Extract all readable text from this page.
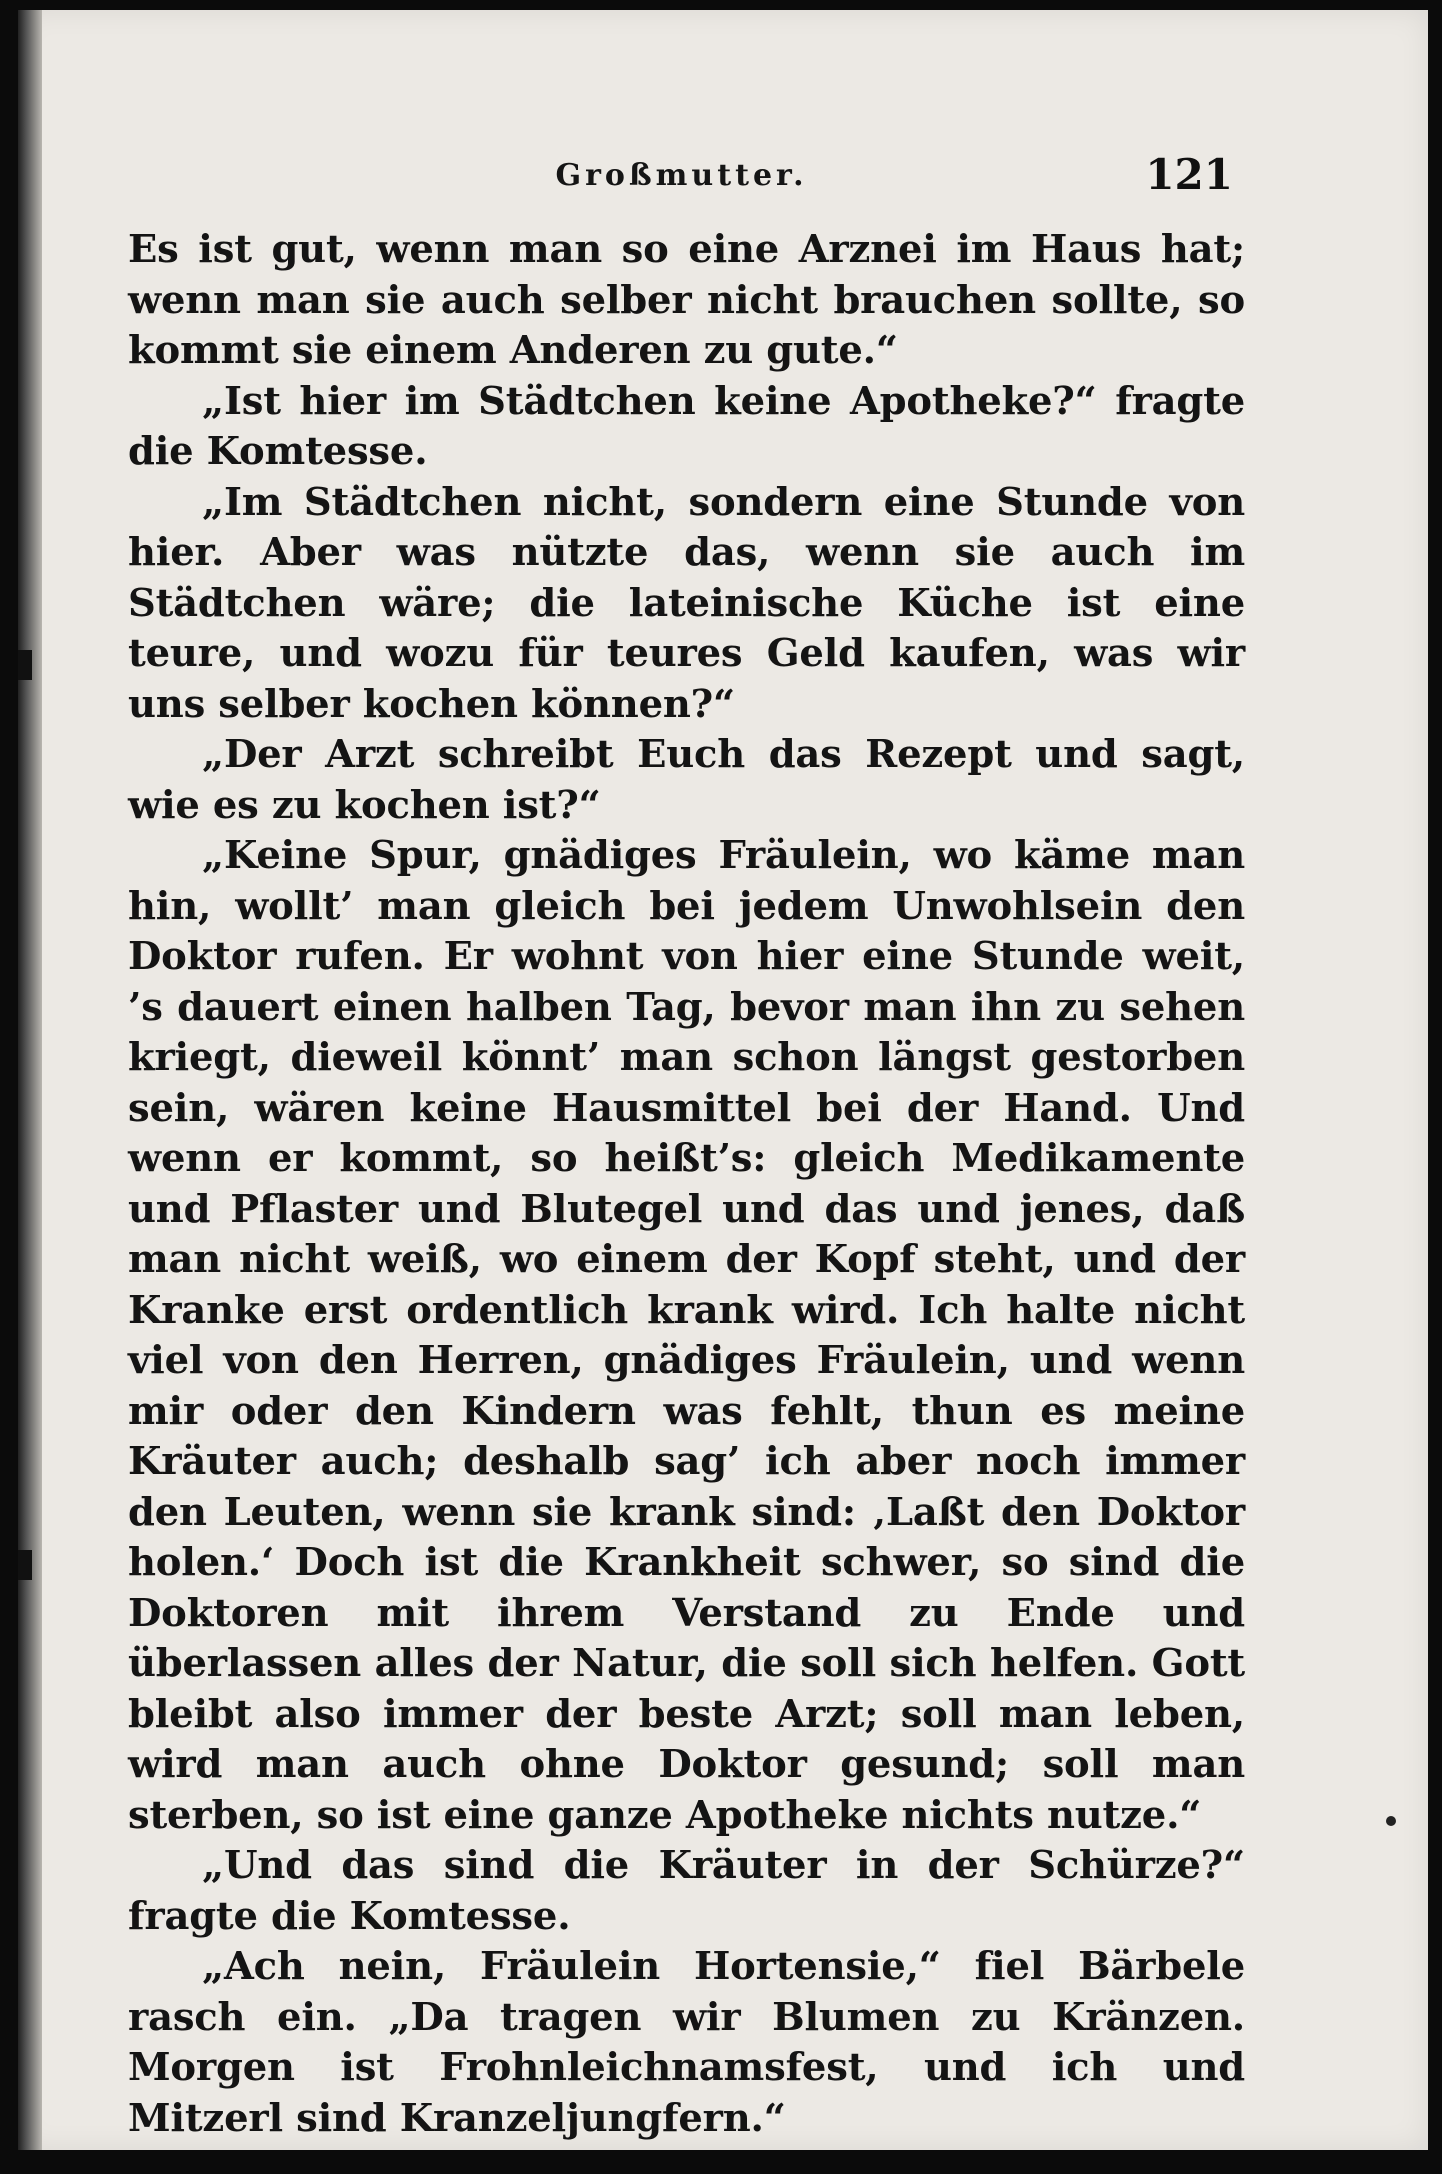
Großmutter.	121

Es ist gut, wenn man so eine Arznei im Haus hat; wenn man sie auch selber nicht brauchen sollte, so kommt sie einem Anderen zu gute.“

„Ist hier im Städtchen keine Apotheke?“ fragte die Komtesse.

„Im Städtchen nicht, sondern eine Stunde von hier. Aber was nützte das, wenn sie auch im Städtchen wäre; die lateinische Küche ist eine teure, und wozu für teures Geld kaufen, was wir uns selber kochen können?“

„Der Arzt schreibt Euch das Rezept und sagt, wie es zu kochen ist?“

„Keine Spur, gnädiges Fräulein, wo käme man hin, wollt’ man gleich bei jedem Unwohlsein den Doktor rufen. Er wohnt von hier eine Stunde weit, ’s dauert einen halben Tag, bevor man ihn zu sehen kriegt, dieweil könnt’ man schon längst gestorben sein, wären keine Hausmittel bei der Hand. Und wenn er kommt, so heißt’s: gleich Medikamente und Pflaster und Blutegel und das und jenes, daß man nicht weiß, wo einem der Kopf steht, und der Kranke erst ordentlich krank wird. Ich halte nicht viel von den Herren, gnädiges Fräulein, und wenn mir oder den Kindern was fehlt, thun es meine Kräuter auch; deshalb sag’ ich aber noch immer den Leuten, wenn sie krank sind: ‚Laßt den Doktor holen.‘ Doch ist die Krankheit schwer, so sind die Doktoren mit ihrem Verstand zu Ende und überlassen alles der Natur, die soll sich helfen. Gott bleibt also immer der beste Arzt; soll man leben, wird man auch ohne Doktor gesund; soll man sterben, so ist eine ganze Apotheke nichts nutze.“

„Und das sind die Kräuter in der Schürze?“ fragte die Komtesse.

„Ach nein, Fräulein Hortensie,“ fiel Bärbele rasch ein. „Da tragen wir Blumen zu Kränzen. Morgen ist Frohnleichnamsfest, und ich und Mitzerl sind Kranzeljungfern.“
